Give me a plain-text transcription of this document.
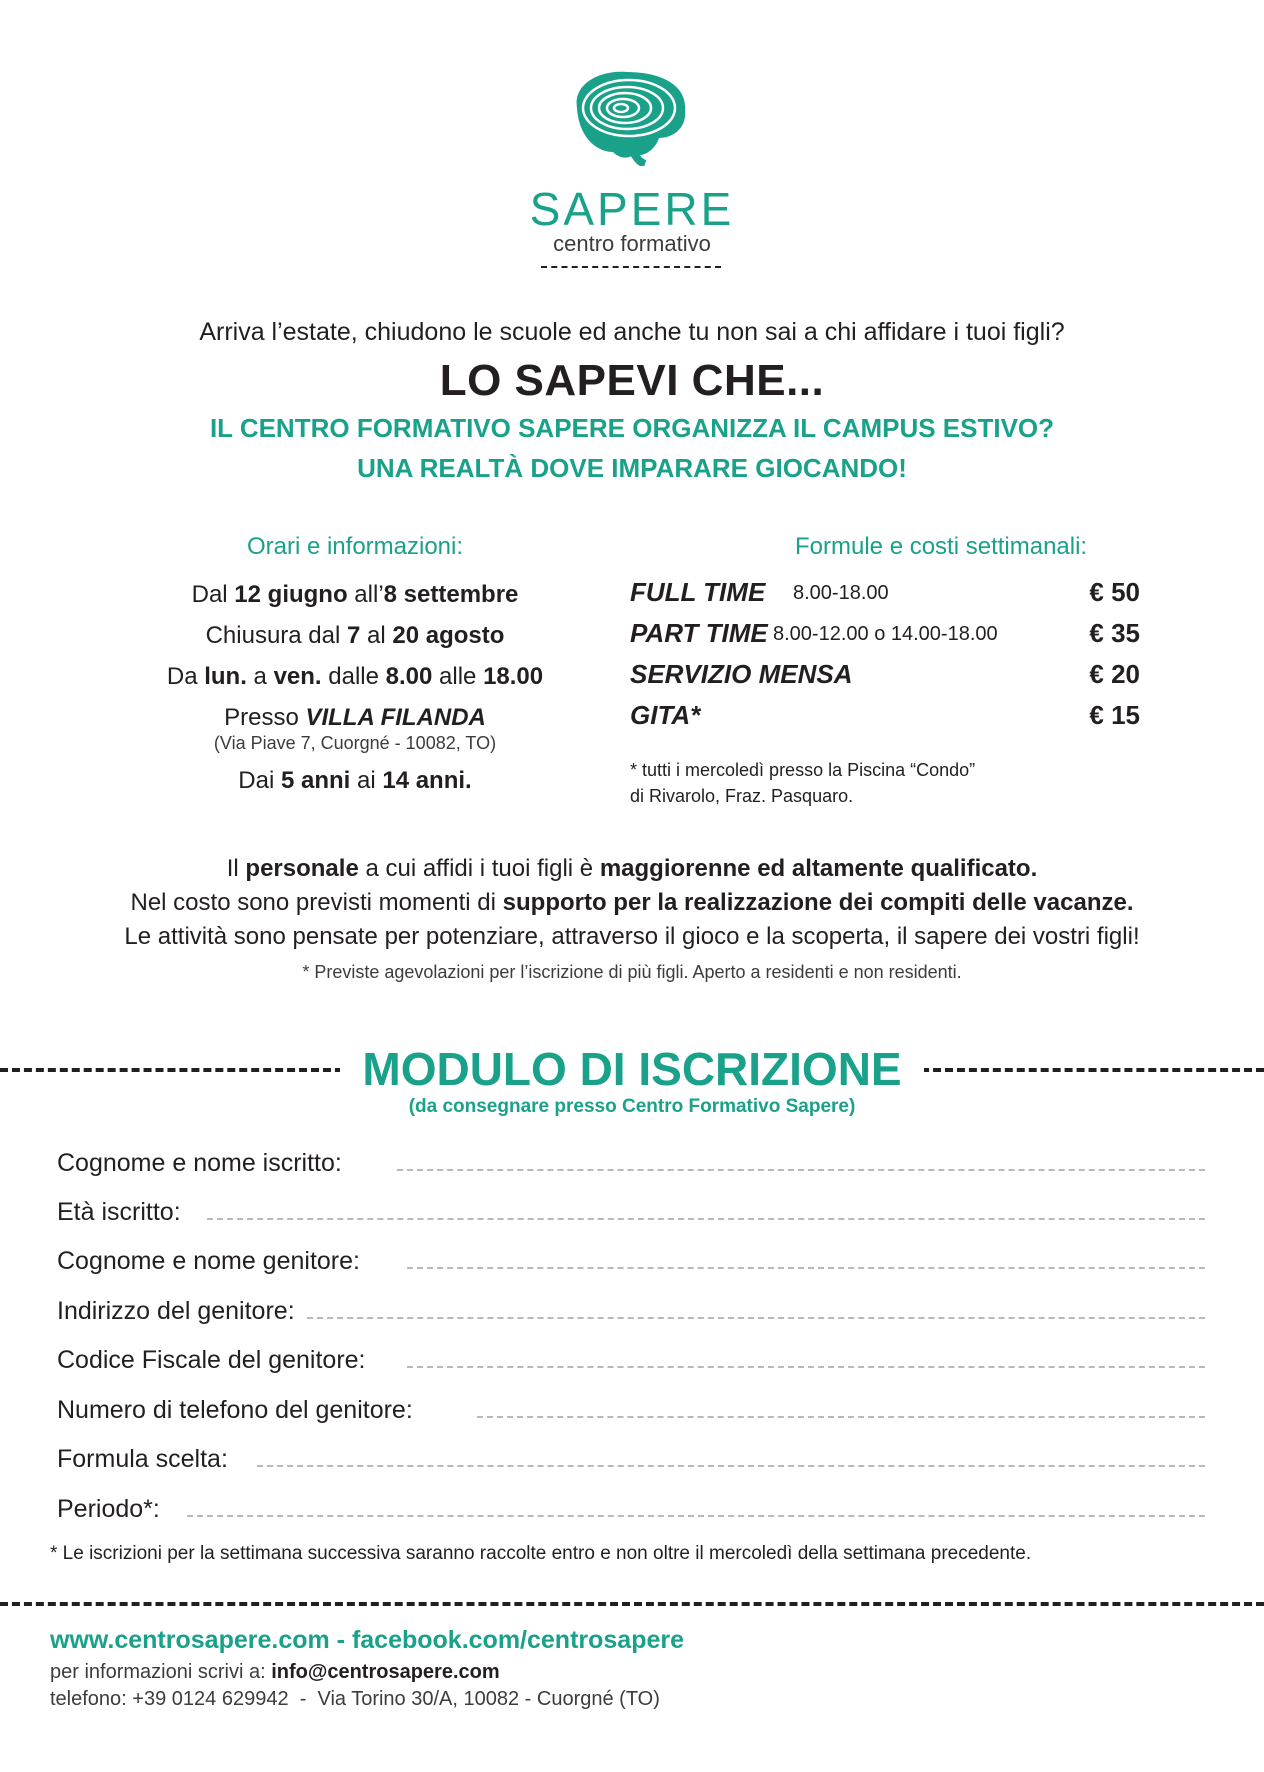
SAPERE
centro formativo
Arriva l’estate, chiudono le scuole ed anche tu non sai a chi affidare i tuoi figli?
LO SAPEVI CHE...
IL CENTRO FORMATIVO SAPERE ORGANIZZA IL CAMPUS ESTIVO?
UNA REALTÀ DOVE IMPARARE GIOCANDO!
Orari e informazioni:
Dal 12 giugno all’8 settembre
Chiusura dal 7 al 20 agosto
Da lun. a ven. dalle 8.00 alle 18.00
Presso VILLA FILANDA
(Via Piave 7, Cuorgné - 10082, TO)
Dai 5 anni ai 14 anni.
Formule e costi settimanali:
FULL TIME 8.00-18.00	€ 50
PART TIME 8.00-12.00 o 14.00-18.00	€ 35
SERVIZIO MENSA	€ 20
GITA*	€ 15
* tutti i mercoledì presso la Piscina “Condo”
di Rivarolo, Fraz. Pasquaro.
Il personale a cui affidi i tuoi figli è maggiorenne ed altamente qualificato.
Nel costo sono previsti momenti di supporto per la realizzazione dei compiti delle vacanze.
Le attività sono pensate per potenziare, attraverso il gioco e la scoperta, il sapere dei vostri figli!
* Previste agevolazioni per l’iscrizione di più figli. Aperto a residenti e non residenti.
MODULO DI ISCRIZIONE
(da consegnare presso Centro Formativo Sapere)
Cognome e nome iscritto:
Età iscritto:
Cognome e nome genitore:
Indirizzo del genitore:
Codice Fiscale del genitore:
Numero di telefono del genitore:
Formula scelta:
Periodo*:
* Le iscrizioni per la settimana successiva saranno raccolte entro e non oltre il mercoledì della settimana precedente.
www.centrosapere.com - facebook.com/centrosapere
per informazioni scrivi a: info@centrosapere.com
telefono: +39 0124 629942  -  Via Torino 30/A, 10082 - Cuorgné (TO)
